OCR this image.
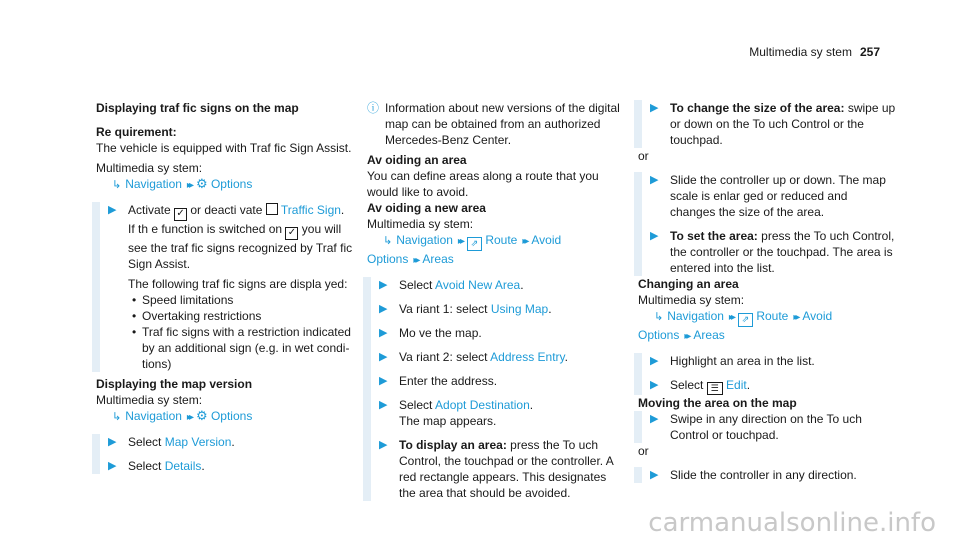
Multimedia sy stem 257
Displaying traf fic signs on the map
Re quirement:

The vehicle is equipped with Traf fic Sign Assist.

Multimedia sy stem:

↳ Navigation ▸▸ ⚙ Options
▶ Activate ✓ or deacti vate Traffic Sign.
If th e function is switched on ✓ you will see the traf fic signs recognized by Traf fic Sign Assist.

The following traf fic signs are displa yed:

• Speed limitations
• Overtaking restrictions
• Traf fic signs with a restriction indicated by an additional sign (e.g. in wet condi‐ tions)
Displaying the map version

Multimedia sy stem:

↳ Navigation ▸▸ ⚙ Options
▶ Select Map Version.
▶ Select Details.
ⓘ Information about new versions of the digital map can be obtained from an authorized Mercedes-Benz Center.
Av oiding an area

You can define areas along a route that you would like to avoid.

Av oiding a new area

Multimedia sy stem:

↳ Navigation ▸▸ ⇗ Route ▸▸ Avoid
Options ▸▸ Areas
▶ Select Avoid New Area.
▶ Va riant 1: select Using Map.
▶ Mo ve the map.
▶ Va riant 2: select Address Entry.
▶ Enter the address.
▶ Select Adopt Destination.
The map appears.
▶ To display an area: press the To uch Control, the touchpad or the controller. A red rectangle appears. This designates the area that should be avoided.
▶ To change the size of the area: swipe up or down on the To uch Control or the touchpad.

or

▶ Slide the controller up or down. The map scale is enlar ged or reduced and changes the size of the area.
▶ To set the area: press the To uch Control, the controller or the touchpad. The area is entered into the list.
Changing an area

Multimedia sy stem:

↳ Navigation ▸▸ ⇗ Route ▸▸ Avoid
Options ▸▸ Areas
▶ Highlight an area in the list.
▶ Select ☰ Edit.
Moving the area on the map
▶ Swipe in any direction on the To uch Control or touchpad.

or

▶ Slide the controller in any direction.
carmanualsonline.info
